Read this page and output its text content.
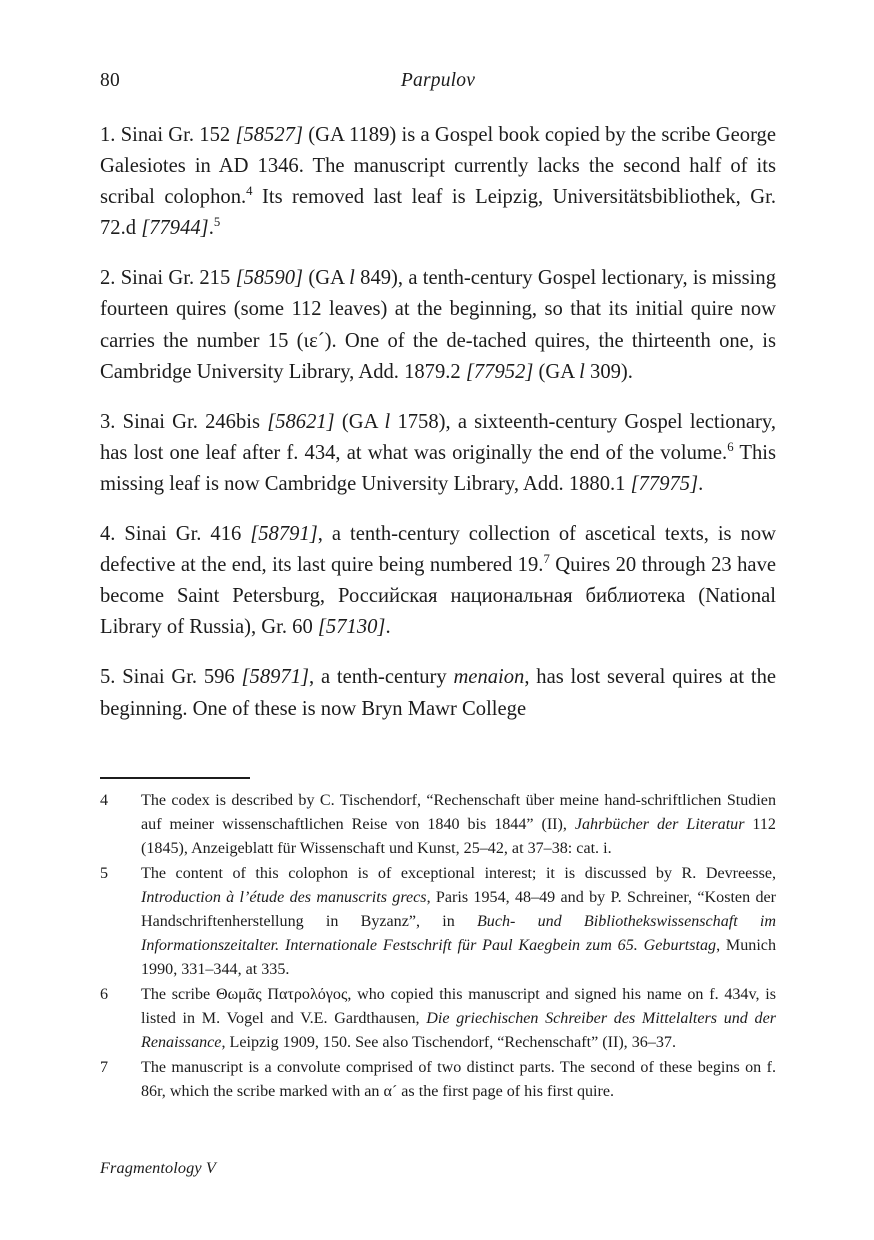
80	Parpulov

1. Sinai Gr. 152 [58527] (GA 1189) is a Gospel book copied by the scribe George Galesiotes in AD 1346. The manuscript currently lacks the second half of its scribal colophon.$^4$ Its removed last leaf is Leipzig, Universitätsbibliothek, Gr. 72.d [77944].$^5$

2. Sinai Gr. 215 [58590] (GA l 849), a tenth-century Gospel lectionary, is missing fourteen quires (some 112 leaves) at the beginning, so that its initial quire now carries the number 15 (ιε´). One of the de-tached quires, the thirteenth one, is Cambridge University Library, Add. 1879.2 [77952] (GA l 309).

3. Sinai Gr. 246bis [58621] (GA l 1758), a sixteenth-century Gospel lectionary, has lost one leaf after f. 434, at what was originally the end of the volume.$^6$ This missing leaf is now Cambridge University Library, Add. 1880.1 [77975].

4. Sinai Gr. 416 [58791], a tenth-century collection of ascetical texts, is now defective at the end, its last quire being numbered 19.$^7$ Quires 20 through 23 have become Saint Petersburg, Российская национальная библиотека (National Library of Russia), Gr. 60 [57130].

5. Sinai Gr. 596 [58971], a tenth-century menaion, has lost several quires at the beginning. One of these is now Bryn Mawr College

4	The codex is described by C. Tischendorf, “Rechenschaft über meine hand-schriftlichen Studien auf meiner wissenschaftlichen Reise von 1840 bis 1844” (II), Jahrbücher der Literatur 112 (1845), Anzeigeblatt für Wissenschaft und Kunst, 25–42, at 37–38: cat. i.
5	The content of this colophon is of exceptional interest; it is discussed by R. Devreesse, Introduction à l’étude des manuscrits grecs, Paris 1954, 48–49 and by P. Schreiner, “Kosten der Handschriftenherstellung in Byzanz”, in Buch- und Bibliothekswissenschaft im Informationszeitalter. Internationale Festschrift für Paul Kaegbein zum 65. Geburtstag, Munich 1990, 331–344, at 335.
6	The scribe Θωμᾶς Πατρολόγος, who copied this manuscript and signed his name on f. 434v, is listed in M. Vogel and V.E. Gardthausen, Die griechischen Schreiber des Mittelalters und der Renaissance, Leipzig 1909, 150. See also Tischendorf, “Rechenschaft” (II), 36–37.
7	The manuscript is a convolute comprised of two distinct parts. The second of these begins on f. 86r, which the scribe marked with an α´ as the first page of his first quire.
Fragmentology V
